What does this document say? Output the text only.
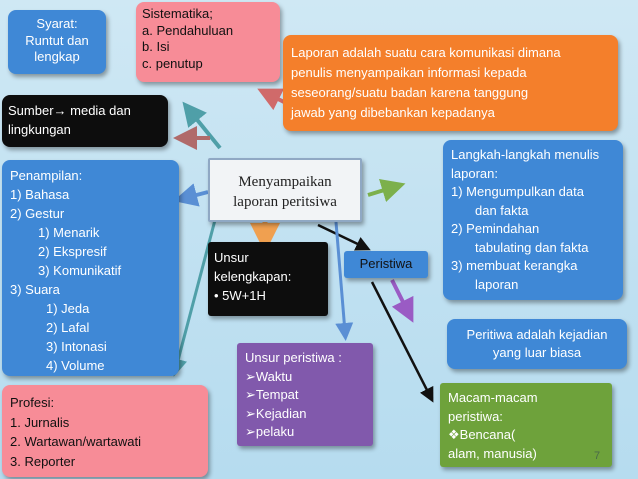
Syarat:
Runtut dan
lengkap
Sistematika;
a. Pendahuluan
b. Isi
c. penutup
Laporan adalah suatu cara komunikasi dimana
penulis menyampaikan informasi kepada
seseorang/suatu badan karena tanggung
jawab yang dibebankan kepadanya
Sumber→ media dan
lingkungan
Menyampaikan
laporan peritsiwa
Langkah-langkah menulis
laporan:
1) Mengumpulkan data
dan fakta
2) Pemindahan
tabulating dan fakta
3) membuat kerangka
laporan
Penampilan:
1) Bahasa
2) Gestur
1) Menarik
2) Ekspresif
3) Komunikatif
3) Suara
1) Jeda
2) Lafal
3) Intonasi
4) Volume
Unsur
kelengkapan:
• 5W+1H
Peristiwa
Peritiwa adalah kejadian
yang luar biasa
Unsur peristiwa :
➢Waktu
➢Tempat
➢Kejadian
➢pelaku
Profesi:
1. Jurnalis
2. Wartawan/wartawati
3. Reporter
Macam-macam
peristiwa:
❖Bencana(
alam, manusia)	7
